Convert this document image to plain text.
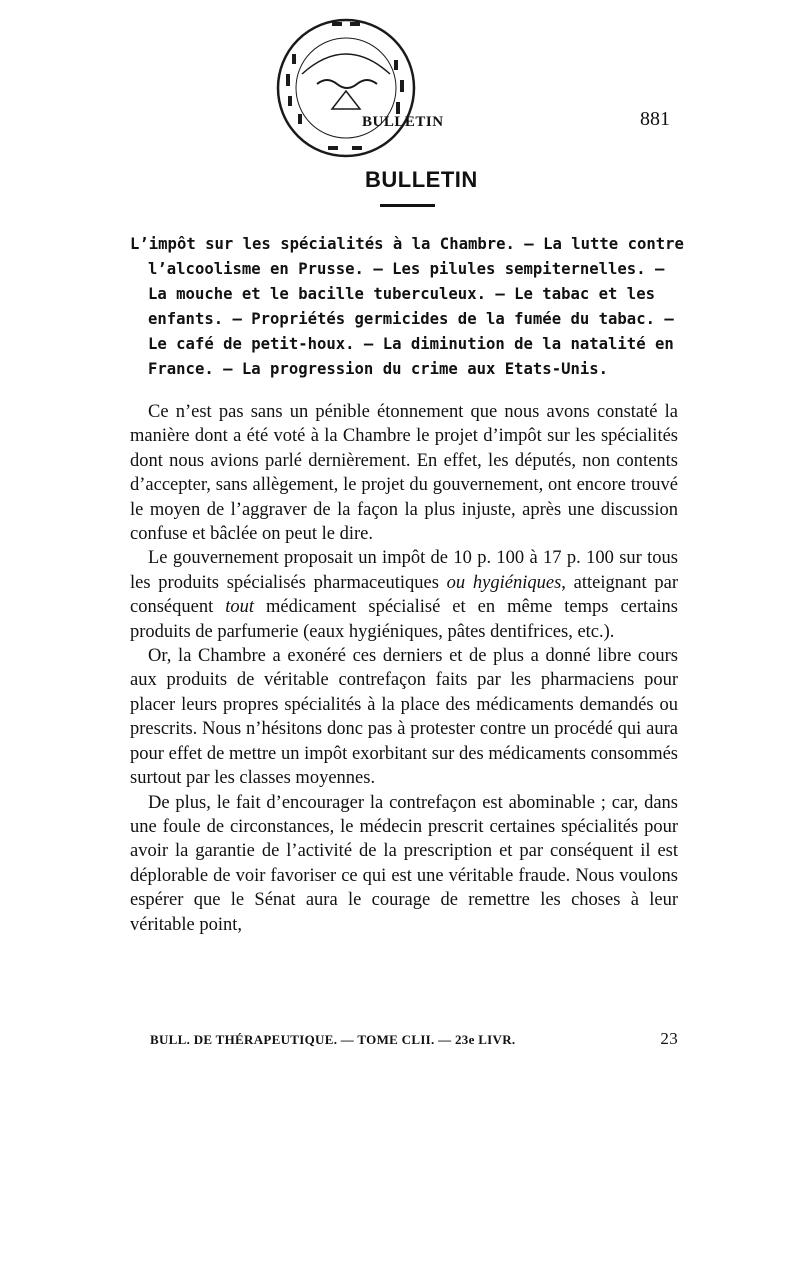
BULLETIN	881
BULLETIN
L’impôt sur les spécialités à la Chambre. — La lutte contre
l’alcoolisme en Prusse. — Les pilules sempiternelles. —
La mouche et le bacille tuberculeux. — Le tabac et les
enfants. — Propriétés germicides de la fumée du tabac. —
Le café de petit-houx. — La diminution de la natalité en
France. — La progression du crime aux Etats-Unis.

Ce n’est pas sans un pénible étonnement que nous avons constaté la manière dont a été voté à la Chambre le projet d’impôt sur les spécialités dont nous avions parlé dernièrement. En effet, les députés, non contents d’accepter, sans allègement, le projet du gouvernement, ont encore trouvé le moyen de l’aggraver de la façon la plus injuste, après une discussion confuse et bâclée on peut le dire.

Le gouvernement proposait un impôt de 10 p. 100 à 17 p. 100 sur tous les produits spécialisés pharmaceutiques ou hygiéniques, atteignant par conséquent tout médicament spécialisé et en même temps certains produits de parfumerie (eaux hygiéniques, pâtes dentifrices, etc.).

Or, la Chambre a exonéré ces derniers et de plus a donné libre cours aux produits de véritable contrefaçon faits par les pharmaciens pour placer leurs propres spécialités à la place des médicaments demandés ou prescrits. Nous n’hésitons donc pas à protester contre un procédé qui aura pour effet de mettre un impôt exorbitant sur des médicaments consommés surtout par les classes moyennes.

De plus, le fait d’encourager la contrefaçon est abominable ; car, dans une foule de circonstances, le médecin prescrit certaines spécialités pour avoir la garantie de l’activité de la prescription et par conséquent il est déplorable de voir favoriser ce qui est une véritable fraude. Nous voulons espérer que le Sénat aura le courage de remettre les choses à leur véritable point,

BULL. DE THÉRAPEUTIQUE. — TOME CLII. — 23e LIVR.	23
